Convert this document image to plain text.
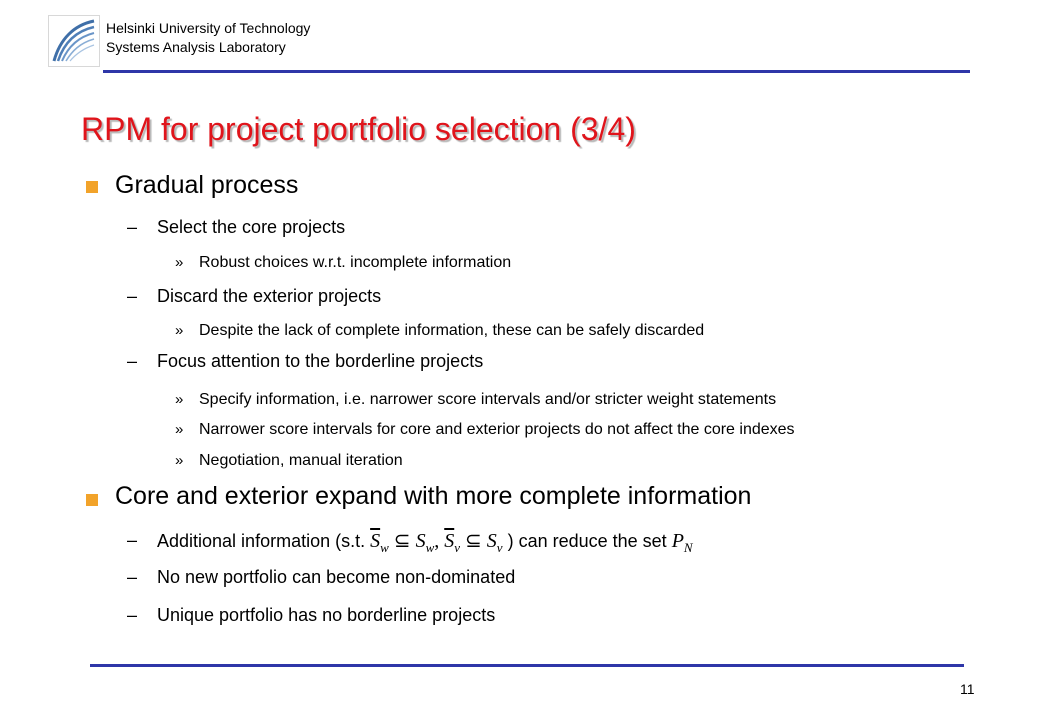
Helsinki University of Technology
Systems Analysis Laboratory
RPM for project portfolio selection (3/4)
Gradual process
– Select the core projects
» Robust choices w.r.t. incomplete information
– Discard the exterior projects
» Despite the lack of complete information, these can be safely discarded
– Focus attention to the borderline projects
» Specify information, i.e. narrower score intervals and/or stricter weight statements
» Narrower score intervals for core and exterior projects do not affect the core indexes
» Negotiation, manual iteration
Core and exterior expand with more complete information
– Additional information (s.t. $\overline{S}_w$ ⊆ $S_w$, $\overline{S}_v$ ⊆ $S_v$ ) can reduce the set $P_N$
– No new portfolio can become non-dominated
– Unique portfolio has no borderline projects
11
